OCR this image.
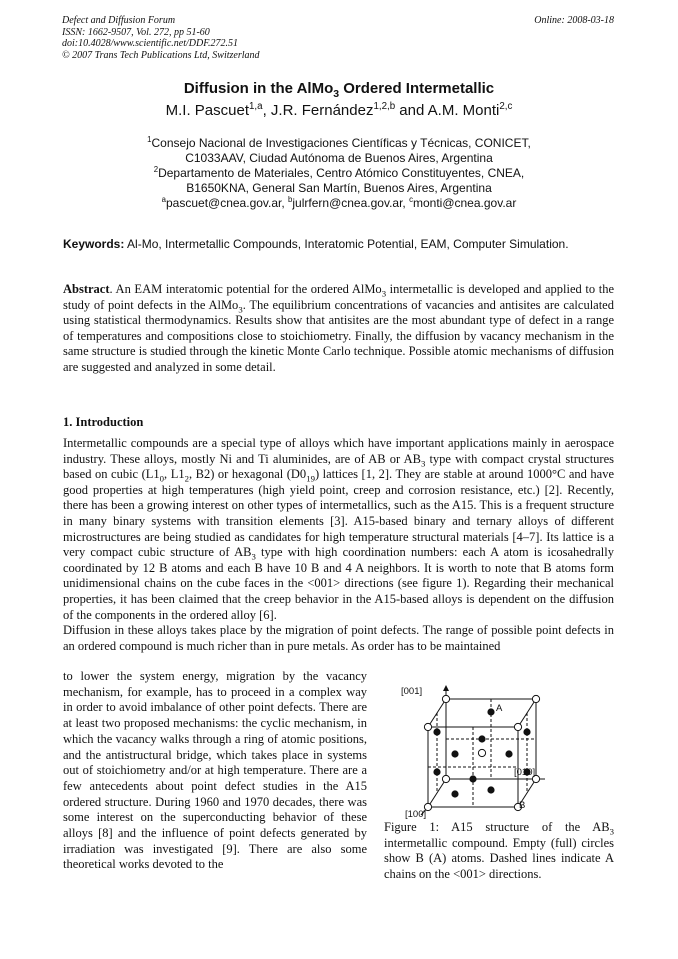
Defect and Diffusion Forum
ISSN: 1662-9507, Vol. 272, pp 51-60
doi:10.4028/www.scientific.net/DDF.272.51
© 2007 Trans Tech Publications Ltd, Switzerland
Online: 2008-03-18
Diffusion in the AlMo$_3$ Ordered Intermetallic
M.I. Pascuet$^{1,a}$, J.R. Fernández$^{1,2,b}$ and A.M. Monti$^{2,c}$
$^1$Consejo Nacional de Investigaciones Científicas y Técnicas, CONICET,
C1033AAV, Ciudad Autónoma de Buenos Aires, Argentina
$^2$Departamento de Materiales, Centro Atómico Constituyentes, CNEA,
B1650KNA, General San Martín, Buenos Aires, Argentina
$^a$pascuet@cnea.gov.ar, $^b$julrfern@cnea.gov.ar, $^c$monti@cnea.gov.ar
Keywords: Al-Mo, Intermetallic Compounds, Interatomic Potential, EAM, Computer Simulation.
Abstract. An EAM interatomic potential for the ordered AlMo$_3$ intermetallic is developed and applied to the study of point defects in the AlMo$_3$. The equilibrium concentrations of vacancies and antisites are calculated using statistical thermodynamics. Results show that antisites are the most abundant type of defect in a range of temperatures and compositions close to stoichiometry. Finally, the diffusion by vacancy mechanism in the same structure is studied through the kinetic Monte Carlo technique. Possible atomic mechanisms of diffusion are suggested and analyzed in some detail.
1. Introduction

Intermetallic compounds are a special type of alloys which have important applications mainly in aerospace industry. These alloys, mostly Ni and Ti aluminides, are of AB or $AB_3$ type with compact crystal structures based on cubic ($L1_0$, $L1_2$, B2) or hexagonal $(D0_{19})$ lattices [1, 2]. They are stable at around 1000°C and have good properties at high temperatures (high yield point, creep and corrosion resistance, etc.) [2]. Recently, there has been a growing interest on other types of intermetallics, such as the A15. This is a frequent structure in many binary systems with transition elements [3]. A15-based binary and ternary alloys of different microstructures are being studied as candidates for high temperature structural materials [4–7]. Its lattice is a very compact cubic structure of $AB_3$ type with high coordination numbers: each A atom is icosahedrally coordinated by 12 B atoms and each B have 10 B and 4 A neighbors. It is worth to note that B atoms form unidimensional chains on the cube faces in the <001> directions (see figure 1). Regarding their mechanical properties, it has been claimed that the creep behavior in the A15-based alloys is dependent on the diffusion of the components in the ordered alloy [6].

Diffusion in these alloys takes place by the migration of point defects. The range of possible point defects in an ordered compound is much richer than in pure metals. As order has to be maintained

to lower the system energy, migration by the vacancy mechanism, for example, has to proceed in a complex way in order to avoid imbalance of other point defects. There are at least two proposed mechanisms: the cyclic mechanism, in which the vacancy walks through a ring of atomic positions, and the antistructural bridge, which takes place in systems out of stoichiometry and/or at high temperature. There are a few antecedents about point defect studies in the A15 ordered structure. During 1960 and 1970 decades, there was some interest on the superconducting behavior of these alloys [8] and the influence of point defects generated by irradiation was investigated [9]. There are also some theoretical works devoted to the
[001]
[010]
[100]
A
B
Figure 1: A15 structure of the $AB_3$ intermetallic compound. Empty (full) circles show B (A) atoms. Dashed lines indicate A chains on the <001> directions.
